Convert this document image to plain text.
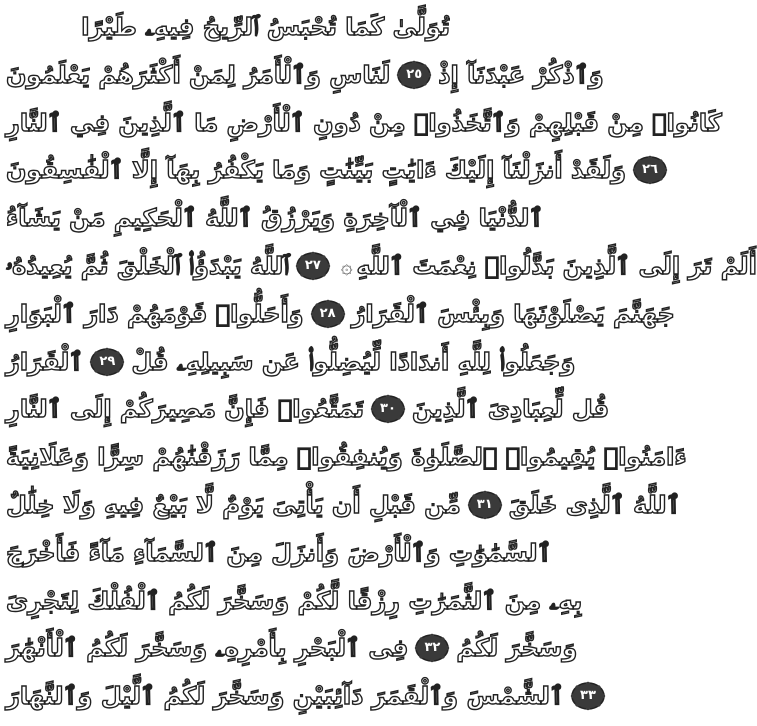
تُوَلَّىٰ كَمَا تُحْبَسُ ٱلرِّيحُ فِيهِۦ طَيْرًا
لَنَاسِ وَٱلْأَمَرُ لِمَنْ أَكْثَرَهُمْ يَعْلَمُونَ	٢٥ وَٱذْكُرْ عَبْدَنَآ إِذْ
كَانُوا۟ مِنْ قَبْلِهِمْ وَٱتَّخَذُوا۟ مِنْ دُونِ ٱلْأَرْضِ مَا ٱلَّذِينَ فِي ٱلنَّارِ
وَلَقَدْ أَنزَلْنَآ إِلَيْكَ ءَايَٰتٍ بَيِّنَٰتٍ وَمَا يَكْفُرُ بِهَآ إِلَّا ٱلْفَٰسِقُونَ	٢٦
ٱلدُّنْيَا فِي ٱلْآخِرَةِ وَيَرْزُقُ ٱللَّهُ ٱلْحَكِيمِ مَنْ يَشَآءُ
ٱللَّهُ يَبْدَؤُا۟ ٱلْخَلْقَ ثُمَّ يُعِيدُهُۥ	٢٧	۞ أَلَمْ تَرَ إِلَى ٱلَّذِينَ بَدَّلُوا۟ نِعْمَتَ ٱللَّهِ
وَأَحَلُّوا۟ قَوْمَهُمْ دَارَ ٱلْبَوَارِ	٢٨ جَهَنَّمَ يَصْلَوْنَهَا وَبِئْسَ ٱلْقَرَارُ
ٱلْقَرَارُ	٢٩ وَجَعَلُوا۟ لِلَّهِ أَندَادًا لِّيُضِلُّوا۟ عَن سَبِيلِهِۦ قُلْ
تَمَتَّعُوا۟ فَإِنَّ مَصِيرَكُمْ إِلَى ٱلنَّارِ	٣٠ قُل لِّعِبَادِىَ ٱلَّذِينَ
ءَامَنُوا۟ يُقِيمُوا۟ ٱلصَّلَوٰةَ وَيُنفِقُوا۟ مِمَّا رَزَقْنَٰهُمْ سِرًّا وَعَلَانِيَةً
مِّن قَبْلِ أَن يَأْتِىَ يَوْمٌ لَّا بَيْعٌ فِيهِ وَلَا خِلَٰلٌ	٣١ ٱللَّهُ ٱلَّذِى خَلَقَ
ٱلسَّمَٰوَٰتِ وَٱلْأَرْضَ وَأَنزَلَ مِنَ ٱلسَّمَآءِ مَآءً فَأَخْرَجَ
بِهِۦ مِنَ ٱلثَّمَرَٰتِ رِزْقًا لَّكُمْ وَسَخَّرَ لَكُمُ ٱلْفُلْكَ لِتَجْرِىَ
فِى ٱلْبَحْرِ بِأَمْرِهِۦ وَسَخَّرَ لَكُمُ ٱلْأَنْهَٰرَ	٣٢ وَسَخَّرَ لَكُمُ
ٱلشَّمْسَ وَٱلْقَمَرَ دَآئِبَيْنِ وَسَخَّرَ لَكُمُ ٱلَّيْلَ وَٱلنَّهَارَ	٣٣
